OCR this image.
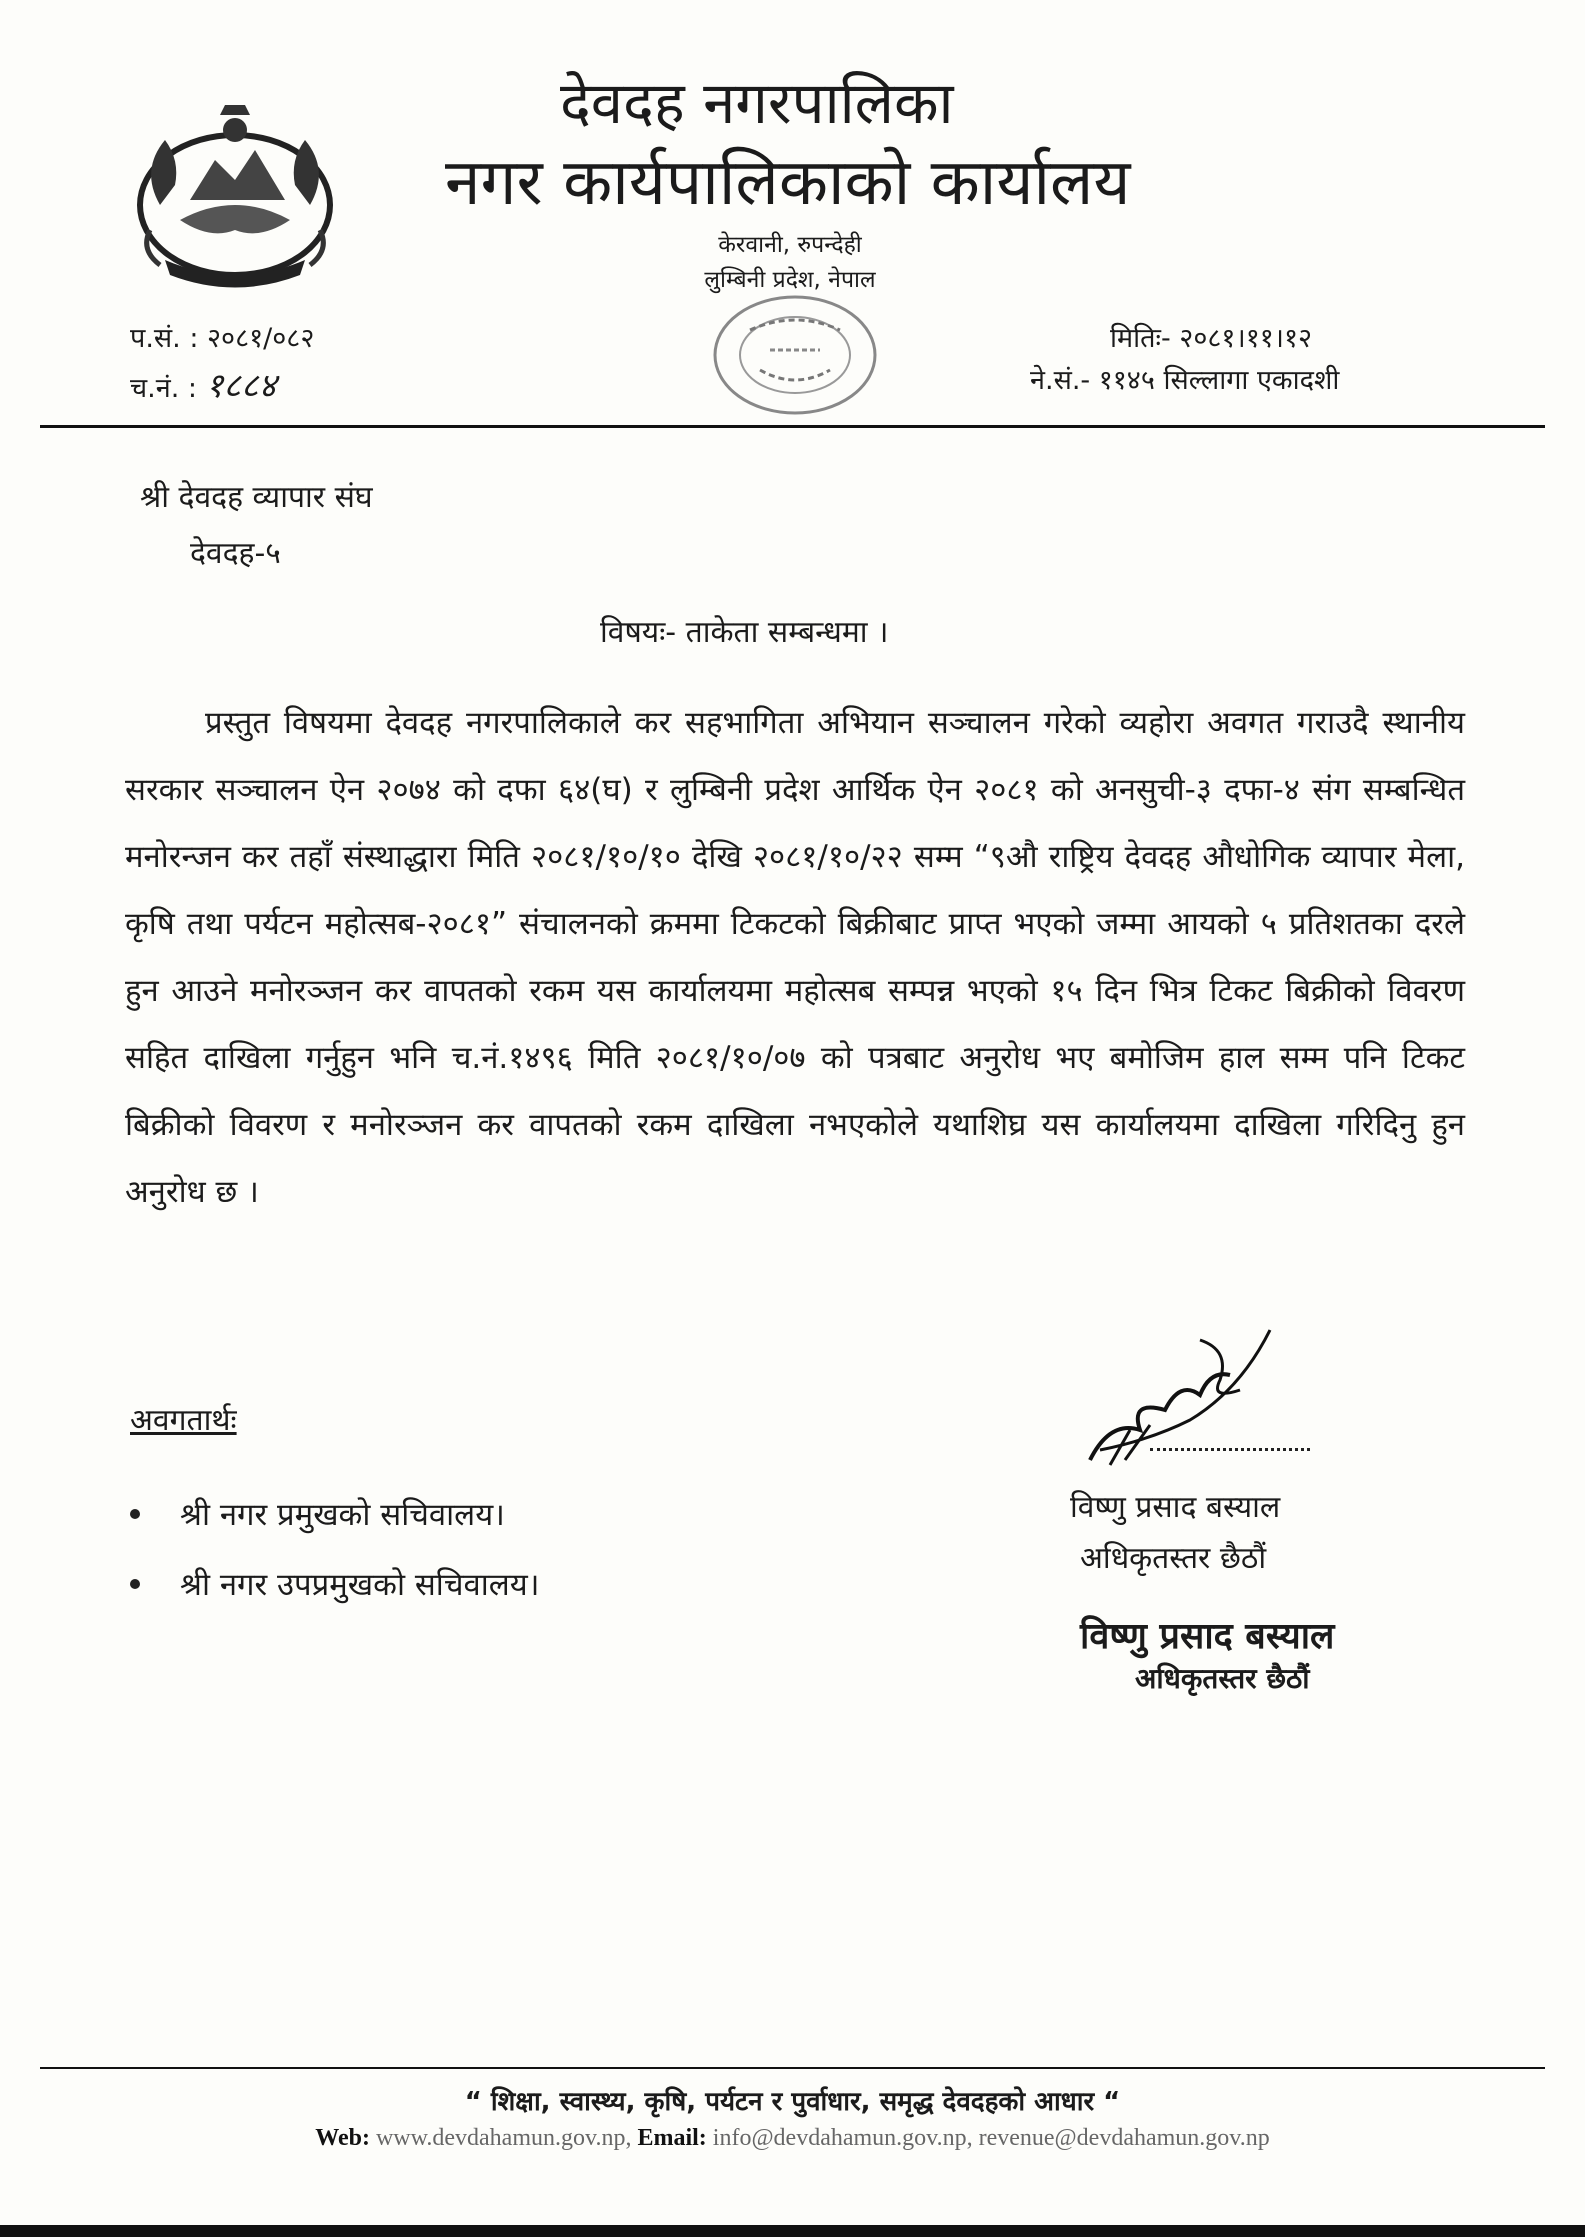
देवदह नगरपालिका
नगर कार्यपालिकाको कार्यालय
केरवानी, रुपन्देही
लुम्बिनी प्रदेश, नेपाल
प.सं. : २०८१/०८२
च.नं. : १८८४
मितिः- २०८१।११।१२
ने.सं.- ११४५ सिल्लागा एकादशी
श्री देवदह व्यापार संघ
देवदह-५
विषयः- ताकेता सम्बन्धमा ।
प्रस्तुत विषयमा देवदह नगरपालिकाले कर सहभागिता अभियान सञ्चालन गरेको व्यहोरा अवगत गराउदै स्थानीय सरकार सञ्चालन ऐन २०७४ को दफा ६४(घ) र लुम्बिनी प्रदेश आर्थिक ऐन २०८१ को अनसुची-३ दफा-४ संग सम्बन्धित मनोरन्जन कर तहाँ संस्थाद्धारा मिति २०८१/१०/१० देखि २०८१/१०/२२ सम्म “९औ राष्ट्रिय देवदह औधोगिक व्यापार मेला, कृषि तथा पर्यटन महोत्सब-२०८१” संचालनको क्रममा टिकटको बिक्रीबाट प्राप्त भएको जम्मा आयको ५ प्रतिशतका दरले हुन आउने मनोरञ्जन कर वापतको रकम यस कार्यालयमा महोत्सब सम्पन्न भएको १५ दिन भित्र टिकट बिक्रीको विवरण सहित दाखिला गर्नुहुन भनि च.नं.१४९६ मिति २०८१/१०/०७ को पत्रबाट अनुरोध भए बमोजिम हाल सम्म पनि टिकट बिक्रीको विवरण र मनोरञ्जन कर वापतको रकम दाखिला नभएकोले यथाशिघ्र यस कार्यालयमा दाखिला गरिदिनु हुन अनुरोध छ ।
अवगतार्थः
श्री नगर प्रमुखको सचिवालय।
श्री नगर उपप्रमुखको सचिवालय।
विष्णु प्रसाद बस्याल
अधिकृतस्तर छैठौं
विष्णु प्रसाद बस्याल
अधिकृतस्तर छैठौं
“ शिक्षा, स्वास्थ्य, कृषि, पर्यटन र पुर्वाधार, समृद्ध देवदहको आधार “
Web: www.devdahamun.gov.np, Email: info@devdahamun.gov.np, revenue@devdahamun.gov.np
